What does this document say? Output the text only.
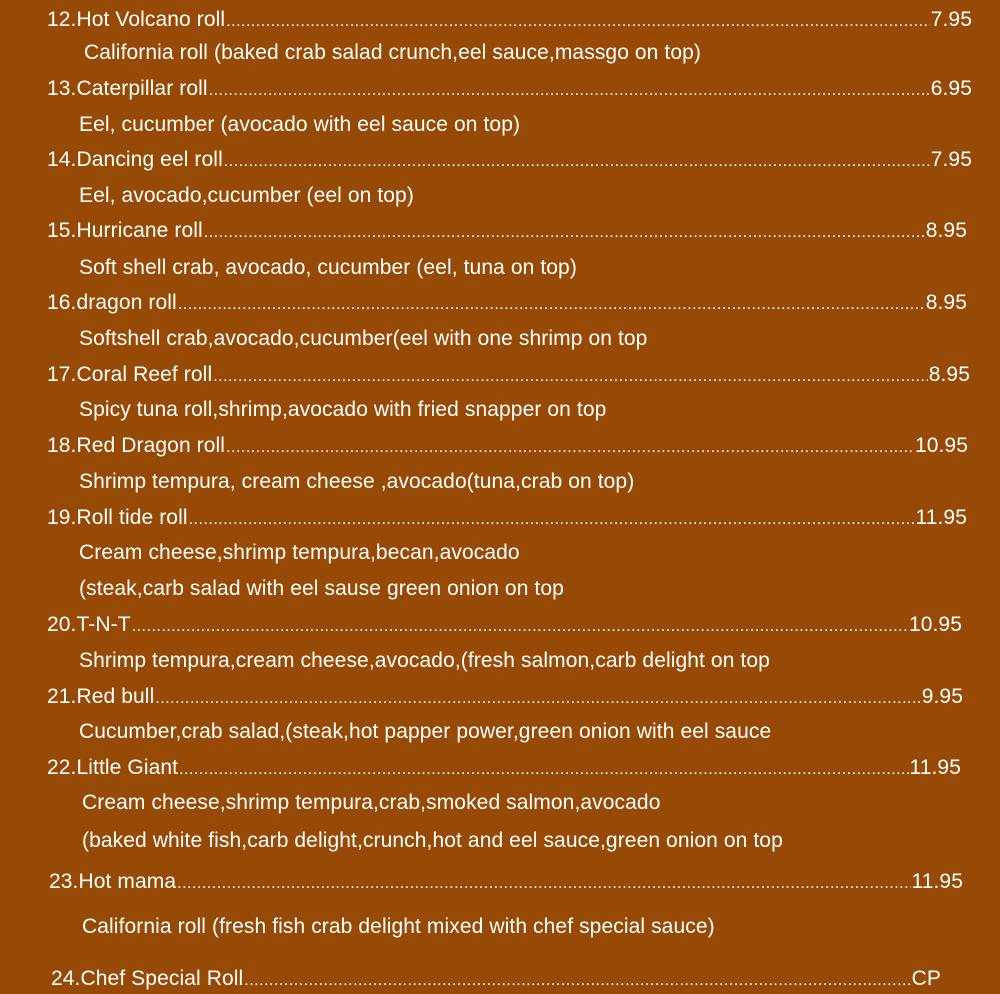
12.Hot Volcano roll .....	7.95
California roll (baked crab salad crunch,eel sauce,massgo on top)
13.Caterpillar roll .....	6.95
Eel, cucumber (avocado with eel sauce on top)
14.Dancing eel roll .....	7.95
Eel, avocado,cucumber (eel on top)
15.Hurricane roll .....	8.95
Soft shell crab, avocado, cucumber (eel, tuna on top)
16.dragon roll .....	8.95
Softshell crab,avocado,cucumber(eel with one shrimp on top
17.Coral Reef roll .....	8.95
Spicy tuna roll,shrimp,avocado with fried snapper on top
18.Red Dragon roll .....	10.95
Shrimp tempura, cream cheese ,avocado(tuna,crab on top)
19.Roll tide roll .....	11.95
Cream cheese,shrimp tempura,becan,avocado
(steak,carb salad with eel sause green onion on top
20.T-N-T .....	10.95
Shrimp tempura,cream cheese,avocado,(fresh salmon,carb delight on top
21.Red bull .....	9.95
Cucumber,crab salad,(steak,hot papper power,green onion with eel sauce
22.Little Giant .....	11.95
Cream cheese,shrimp tempura,crab,smoked salmon,avocado
(baked white fish,carb delight,crunch,hot and eel sauce,green onion on top
23.Hot mama .....	11.95
California roll (fresh fish crab delight mixed with chef special sauce)
24.Chef Special Roll .....	CP
